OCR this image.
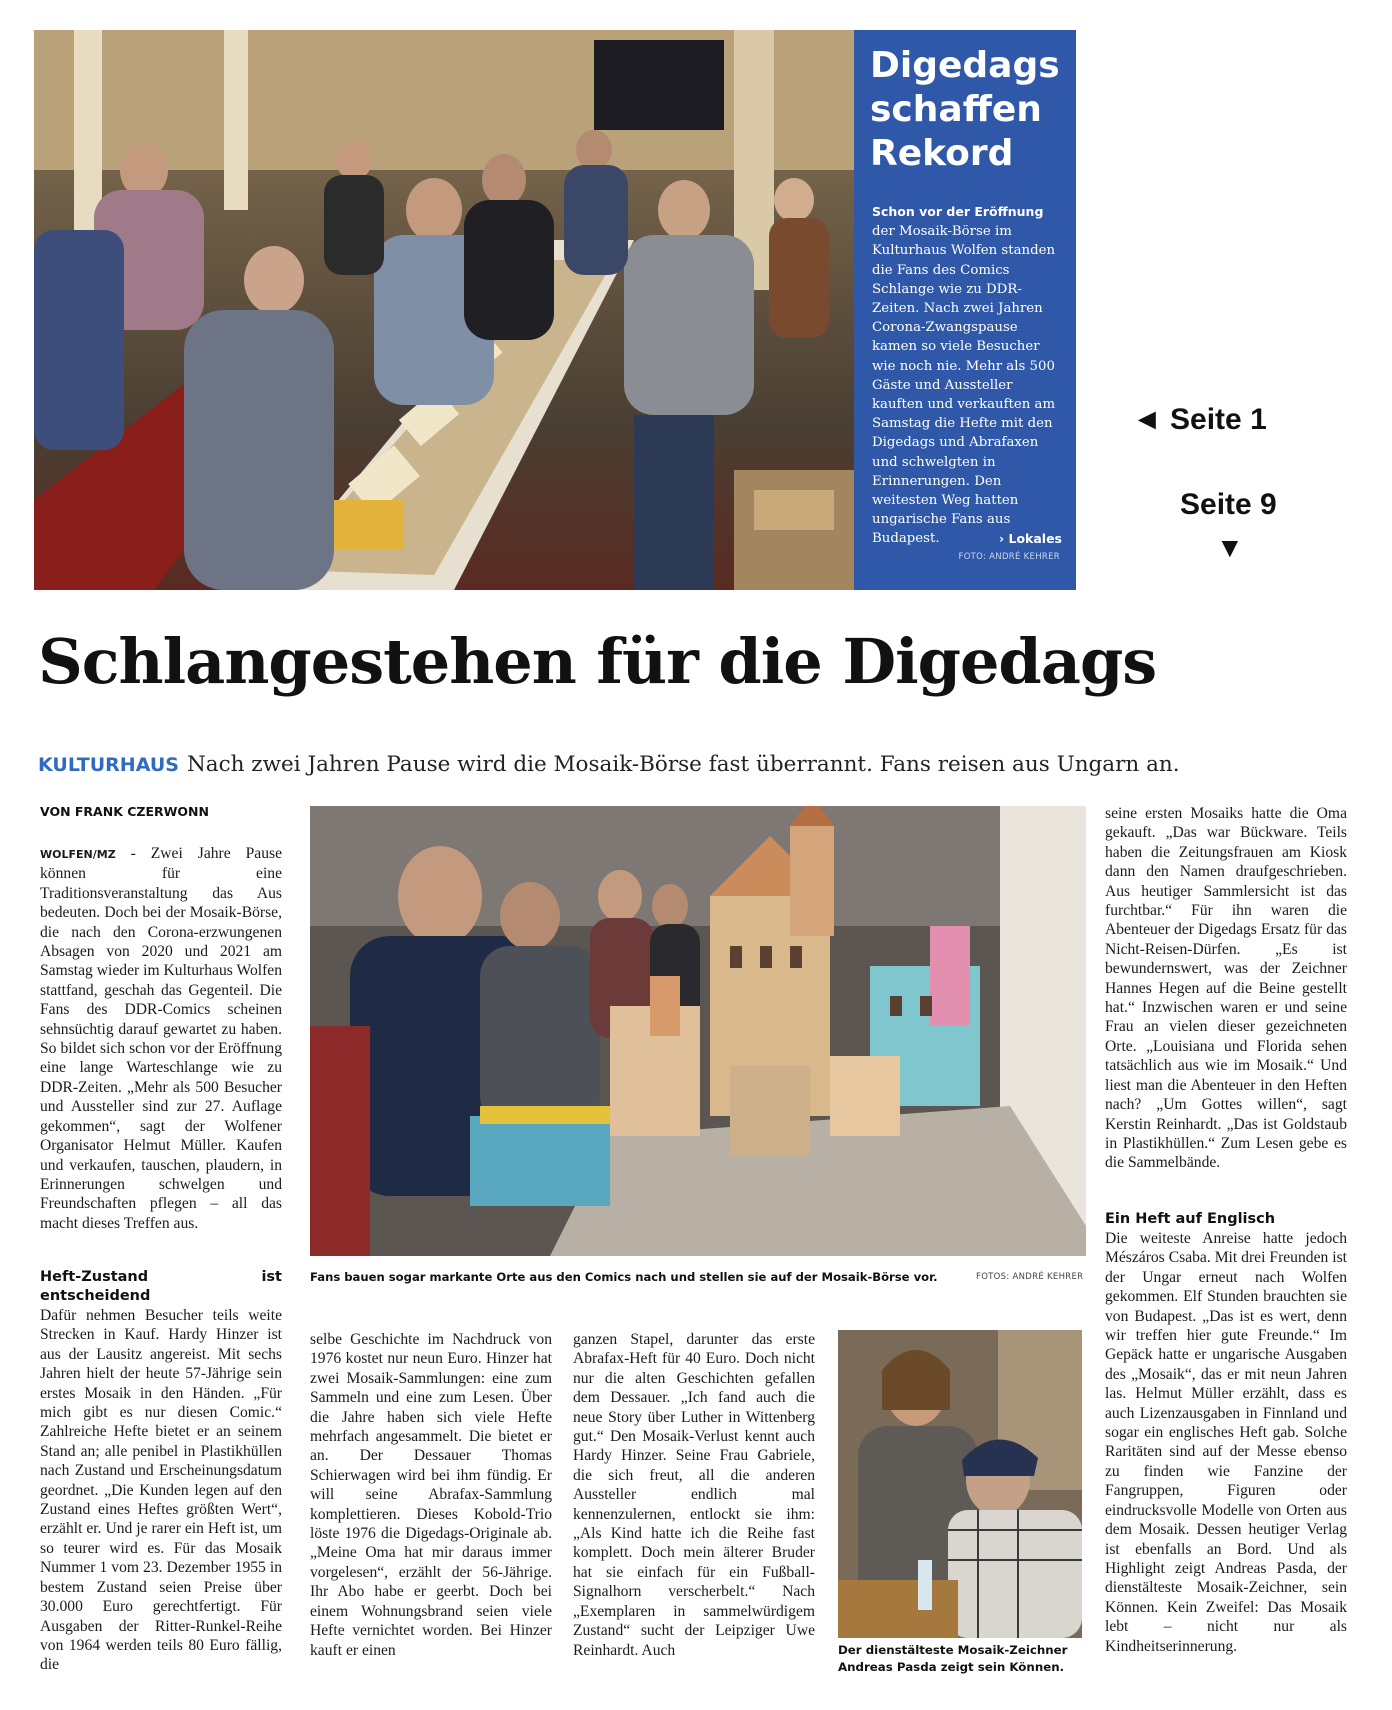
Digedags schaffen Rekord

Schon vor der Eröffnung der Mosaik-Börse im Kulturhaus Wolfen standen die Fans des Comics Schlange wie zu DDR-Zeiten. Nach zwei Jahren Corona-Zwangspause kamen so viele Besucher wie noch nie. Mehr als 500 Gäste und Aussteller kauften und verkauften am Samstag die Hefte mit den Digedags und Abrafaxen und schwelgten in Erinnerungen. Den weitesten Weg hatten ungarische Fans aus Budapest.	› Lokales

FOTO: ANDRÉ KEHRER
◄ Seite 1
Seite 9
▼
Schlangestehen für die Digedags

KULTURHAUS Nach zwei Jahren Pause wird die Mosaik-Börse fast überrannt. Fans reisen aus Ungarn an.

VON FRANK CZERWONN

WOLFEN/MZ - Zwei Jahre Pause können für eine Traditionsveranstaltung das Aus bedeuten. Doch bei der Mosaik-Börse, die nach den Corona-erzwungenen Absagen von 2020 und 2021 am Samstag wieder im Kulturhaus Wolfen stattfand, geschah das Gegenteil. Die Fans des DDR-Comics scheinen sehnsüchtig darauf gewartet zu haben. So bildet sich schon vor der Eröffnung eine lange Warteschlange wie zu DDR-Zeiten. „Mehr als 500 Besucher und Aussteller sind zur 27. Auflage gekommen“, sagt der Wolfener Organisator Helmut Müller. Kaufen und verkaufen, tauschen, plaudern, in Erinnerungen schwelgen und Freundschaften pflegen – all das macht dieses Treffen aus.

Heft-Zustand ist entscheidend

Dafür nehmen Besucher teils weite Strecken in Kauf. Hardy Hinzer ist aus der Lausitz angereist. Mit sechs Jahren hielt der heute 57-Jährige sein erstes Mosaik in den Händen. „Für mich gibt es nur diesen Comic.“ Zahlreiche Hefte bietet er an seinem Stand an; alle penibel in Plastikhüllen nach Zustand und Erscheinungsdatum geordnet. „Die Kunden legen auf den Zustand eines Heftes größten Wert“, erzählt er. Und je rarer ein Heft ist, um so teurer wird es. Für das Mosaik Nummer 1 vom 23. Dezember 1955 in bestem Zustand seien Preise über 30.000 Euro gerechtfertigt. Für Ausgaben der Ritter-Runkel-Reihe von 1964 werden teils 80 Euro fällig, die

Fans bauen sogar markante Orte aus den Comics nach und stellen sie auf der Mosaik-Börse vor.	FOTOS: ANDRÉ KEHRER

selbe Geschichte im Nachdruck von 1976 kostet nur neun Euro. Hinzer hat zwei Mosaik-Sammlungen: eine zum Sammeln und eine zum Lesen. Über die Jahre haben sich viele Hefte mehrfach angesammelt. Die bietet er an. Der Dessauer Thomas Schierwagen wird bei ihm fündig. Er will seine Abrafax-Sammlung komplettieren. Dieses Kobold-Trio löste 1976 die Digedags-Originale ab. „Meine Oma hat mir daraus immer vorgelesen“, erzählt der 56-Jährige. Ihr Abo habe er geerbt. Doch bei einem Wohnungsbrand seien viele Hefte vernichtet worden. Bei Hinzer kauft er einen

ganzen Stapel, darunter das erste Abrafax-Heft für 40 Euro. Doch nicht nur die alten Geschichten gefallen dem Dessauer. „Ich fand auch die neue Story über Luther in Wittenberg gut.“ Den Mosaik-Verlust kennt auch Hardy Hinzer. Seine Frau Gabriele, die sich freut, all die anderen Aussteller endlich mal kennenzulernen, entlockt sie ihm: „Als Kind hatte ich die Reihe fast komplett. Doch mein älterer Bruder hat sie einfach für ein Fußball-Signalhorn verscherbelt.“ Nach „Exemplaren in sammelwürdigem Zustand“ sucht der Leipziger Uwe Reinhardt. Auch	Der dienstälteste Mosaik-Zeichner Andreas Pasda zeigt sein Können.

seine ersten Mosaiks hatte die Oma gekauft. „Das war Bückware. Teils haben die Zeitungsfrauen am Kiosk dann den Namen draufgeschrieben. Aus heutiger Sammlersicht ist das furchtbar.“ Für ihn waren die Abenteuer der Digedags Ersatz für das Nicht-Reisen-Dürfen. „Es ist bewundernswert, was der Zeichner Hannes Hegen auf die Beine gestellt hat.“ Inzwischen waren er und seine Frau an vielen dieser gezeichneten Orte. „Louisiana und Florida sehen tatsächlich aus wie im Mosaik.“ Und liest man die Abenteuer in den Heften nach? „Um Gottes willen“, sagt Kerstin Reinhardt. „Das ist Goldstaub in Plastikhüllen.“ Zum Lesen gebe es die Sammelbände.

Ein Heft auf Englisch

Die weiteste Anreise hatte jedoch Mészáros Csaba. Mit drei Freunden ist der Ungar erneut nach Wolfen gekommen. Elf Stunden brauchten sie von Budapest. „Das ist es wert, denn wir treffen hier gute Freunde.“ Im Gepäck hatte er ungarische Ausgaben des „Mosaik“, das er mit neun Jahren las. Helmut Müller erzählt, dass es auch Lizenzausgaben in Finnland und sogar ein englisches Heft gab. Solche Raritäten sind auf der Messe ebenso zu finden wie Fanzine der Fangruppen, Figuren oder eindrucksvolle Modelle von Orten aus dem Mosaik. Dessen heutiger Verlag ist ebenfalls an Bord. Und als Highlight zeigt Andreas Pasda, der dienstälteste Mosaik-Zeichner, sein Können. Kein Zweifel: Das Mosaik lebt – nicht nur als Kindheitserinnerung.
